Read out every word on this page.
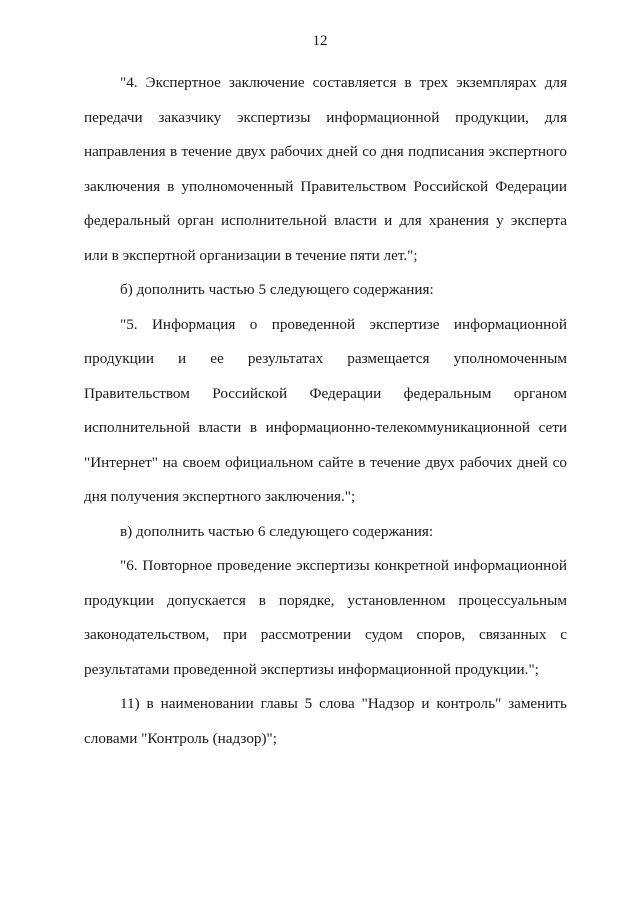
12

"4. Экспертное заключение составляется в трех экземплярах для передачи заказчику экспертизы информационной продукции, для направления в течение двух рабочих дней со дня подписания экспертного заключения в уполномоченный Правительством Российской Федерации федеральный орган исполнительной власти и для хранения у эксперта или в экспертной организации в течение пяти лет.";

б) дополнить частью 5 следующего содержания:

"5. Информация о проведенной экспертизе информационной продукции и ее результатах размещается уполномоченным Правительством Российской Федерации федеральным органом исполнительной власти в информационно-телекоммуникационной сети "Интернет" на своем официальном сайте в течение двух рабочих дней со дня получения экспертного заключения.";

в) дополнить частью 6 следующего содержания:

"6. Повторное проведение экспертизы конкретной информационной продукции допускается в порядке, установленном процессуальным законодательством, при рассмотрении судом споров, связанных с результатами проведенной экспертизы информационной продукции.";

11) в наименовании главы 5 слова "Надзор и контроль" заменить словами "Контроль (надзор)";
